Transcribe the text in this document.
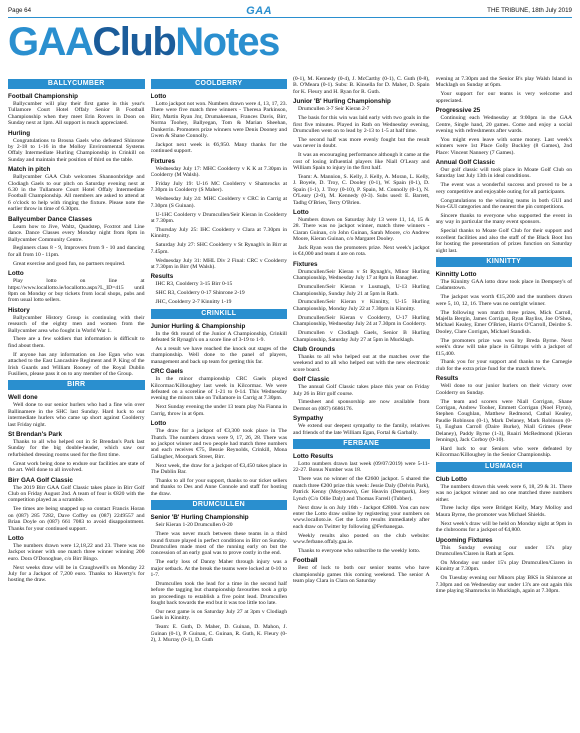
Page 64	GAA	THE TRIBUNE, 18th July 2019
GAA Club Notes
BALLYCUMBER
Football Championship

Ballycumber will play their first game in this year's Tullamore Court Hotel Offaly Senior B Football Championship when they meet Erin Rovers in Doon on Sunday next at 1pm. All support is much appreciated.

Hurling

Congratulations to Brosna Gaels who defeated Shinrone by 2-18 to 1-16 in the Molloy Environmental Systems Offaly Intermediate Hurling Championship in Crinkill on Sunday and maintain their position of third on the table.

Match in pitch

Ballycumber GAA Club welcomes Shannonbridge and Clodiagh Gaels to our pitch on Saturday evening next at 6.30 in the Tullamore Court Hotel Offaly Intermediate Football Championship. All members are asked to attend at 6 o'clock to help with ringing the fixture. Please note the earlier throw in time of 6.30pm.

Ballycumber Dance Classes

Learn how to Jive, Waltz, Quadstep, Foxtrot and Line dance. Dance Classes every Monday night from 8pm in Ballycumber Community Centre.

Beginners class 8 - 9, Improvers from 9 - 10 and dancing for all from 10 - 11pm.

Great exercise and good fun, no partners required.

Lotto

Play lotto on line at https://www.locallotto.ie/locallotto.aspx?L_ID=415 until 8pm on Monday or buy tickets from local shops, pubs and from usual lotto sellers.

History

Ballycumber History Group is continuing with their research of the eighty men and women from the Ballycumber area who fought in World War 1.

There are a few soldiers that information is difficult to find about them.

If anyone has any information on Joe Egan who was attached to the East Lancashire Regiment and P. King of the Irish Guards and William Rooney of the Royal Dublin Fusiliers, please pass it on to any member of the Group.

BIRR
Well done

Well done to our senior hurlers who had a fine win over Ballinamere in the SHC last Sunday. Hard luck to our intermediate hurlers who came up short against Coolderry last Friday night.

St Brendan's Park

Thanks to all who helped out in St Brendan's Park last Sunday for the big double-header, which saw our refurbished dressing rooms used for the first time.

Great work being done to endure our facilities are state of the art. Well done to all involved.

Birr GAA Golf Classic

The 2019 Birr GAA Golf Classic takes place in Birr Golf Club on Friday August 2nd. A team of four is €820 with the competition played as a scramble.

Tee times are being snapped up so contact Francis Horan on (087) 285 7282, Dave Coffey on (087) 2249557 and Brian Doyle on (087) 661 7083 to avoid disappointment. Thanks for your continued support.

Lotto

The numbers drawn were 12,18,22 and 23. There was no Jackpot winner with one match three winner winning 200 euro. Dora O'Donoghue, c/o Birr Bingo.

Next weeks draw will be in Craughwell's on Monday 22 July for a Jackpot of 7,200 euro. Thanks to Haverty's for hosting the draw.

COOLDERRY
Lotto

Lotto jackpot not won. Numbers drawn were 4, 13, 17, 23. There were five match three winners - Theresa Parkinson, Birr, Martin Ryan Jnr, Drumakeenan, Frances Davis, Birr, Norma Toohey, Ballyegan, Tom & Marian Sheehan, Dunkerrin. Promoters prize winners were Denis Dooney and Gwen & Shane Connolly.

Jackpot next week is €6,950. Many thanks for the continued support.

Fixtures

Wednesday July 17: MHC Coolderry v K K at 7.30pm in Coolderry (M Walsh).

Friday July 19: U-16 MC Coolderry v Shamrocks at 7.30pm in Coolderry (S Maher).

Wednesday July 24: MHC Coolderry v CRC in Carrig at 7.30pm (S Guinan).

U-1HC Coolderry v Drumcullen/Seir Kieran in Coolderry at 7.30pm.

Thursday July 25: IHC Coolderry v Clara at 7.30pm in Kinnitty.

Saturday July 27: SHC Coolderry v St Rynagh's in Birr at 7.45pm.

Wednesday July 31: MHL Div 2 Final: CRC v Coolderry at 7.30pm in Birr (M Walsh).

Results

IHC R3, Coolderry 3-15 Birr 0-15

SHC R3, Coolderry 0-17 Shinrone 2-19

JHC, Coolderry 2-7 Kinnitty 1-19

CRINKILL
Junior Hurling & Championship

In the 6th round of the Junior A Championship, Crinkill defeated St Rynagh's on a score line of 3-19 to 1-9.

As a result we have reached the knock out stages of the championship. Well done to the panel of players, management and back up team for getting this far.

CRC Gaels

In the minor championship CRC Gaels played Kilcormac/Killoughey last week in Kilcormac. We were defeated on a scoreline of 1-21 to 0-14. This Wednesday evening the minors take on Tullamore in Carrig at 7.30pm.

Next Sunday evening the under 13 team play Na Fianna in Carrig, throw in at 6pm.

Lotto

The draw for a jackpot of €3,300 took place in The Thatch. The numbers drawn were 9, 17, 26, 28. There was no jackpot winner and two people had match three numbers and each receives €75, Bessie Reynolds, Crinkill, Mona Gallagher, Moorpark Street, Birr.

Next week, the draw for a jackpot of €3,450 takes place in The Dublin Bar.

Thanks to all for your support, thanks to our ticket sellers and thanks to Des and Anne Connole and staff for hosting the draw.

DRUMCULLEN
Senior 'B' Hurling Championship

Seir Kieran 1-20 Drumcullen 0-20

There was never much between these teams in a third round fixture played in perfect conditions in Birr on Sunday. Drumcullen made most of the running early on but the concession of an early goal was to prove costly in the end.

The early loss of Danny Maher through injury was a major setback. At the break the teams were locked at 0-10 to 1-7.

Drumcullen took the lead for a time in the second half before the tagging but championship favourites took a grip on proceedings to establish a five point lead. Drumcullen fought back towards the end but it was too little too late.

Our next game is on Saturday July 27 at 3pm v Clodiagh Gaels in Kinnitty.

Team: E. Guth, D. Maher, D. Guinan, D. Mahon, J. Guinan (0-1), P. Guinan, C. Guinan, R. Guth, K. Fleury (0-2), J. Murray (0-1), D. Guth

(0-1), M. Kennedy (0-4), J. McCarthy (0-1), C. Guth (0-8), B. O'Meara (0-1). Subs: B. Kinsella for D. Maher, D. Spain for K. Fleury and H. Ryan for R. Guth.

Junior 'B' Hurling Championship

Drumcullen 3-7 Seir Kieran 2-7

The basis for this win was laid early with two goals in the first five minutes. Played in Rath on Wednesday evening, Drumcullen went on to lead by 2-13 to 1-5 at half time.

The second half was more evenly fought but the result was never in doubt.

It was an encouraging performance although it came at the cost of losing influential players like Niall O'Leary and William Spain to injury in the first half.

Team: A. Mannion, S. Kelly, J. Kelly, A. Moran, L. Kelly, J. Boyele, D. Troy, C. Dooley (0-1), W. Spain (0-1), D. Spain (1-1), J. Troy (0-10), P. Spain, M. Connolly (0-1), N. O'Leary (2-0), M. Kennedy (0-3). Subs used: E. Barrett, Tadhg O'Brien, Terry O'Brien.

Lotto

Numbers drawn on Saturday July 13 were 11, 14, 15 & 28. There was no jackpot winner, match three winners - Ciaran Guinan, c/o John Guinan, Sarah Moore, c/o Andrew Moore, Kieran Guinan, c/o Margaret Dooley.

Jack Ryan won the promoters prize. Next week's jackpot is €4,000 and team 4 are on rota.

Fixtures

Drumcullen/Seir Kieran v St Rynagh's, Minor Hurling Championship, Wednesday July 17 at 8pm in Banagher.

Drumcullen/Seir Kieran v Lusmagh, U-13 Hurling Championship, Sunday July 21 at 5pm in Rath.

Drumcullen/Seir Kieran v Kinnitty, U-15 Hurling Championship, Monday July 22 at 7.30pm in Kinnitty.

Drumcullen/Seir Kieran v Coolderry, U-17 Hurling Championship, Wednesday July 24 at 7.30pm in Coolderry.

Drumcullen v Clodiagh Gaels, Senior B Hurling Championship, Saturday July 27 at 5pm in Mucklagh.

Club Grounds

Thanks to all who helped out at the matches over the weekend and to all who helped out with the new electronic score board.

Golf Classic

The annual Golf Classic takes place this year on Friday July 26 in Birr golf course.

Timesheet and sponsorship are now available from Dermot on (087) 6686176.

Sympathy

We extend our deepest sympathy to the family, relatives and friends of the late William Egan, Fortal & Garbally.

FERBANE
Lotto Results

Lotto numbers drawn last week (09/07/2019) were 5-11-22-27. Bonus Number was 18.

There was no winner of the €2600 jackpot. 5 shared the match three €200 prize this week: Jessie Daly (Delvin Park), Patrick Kenny (Moystown), Ger Heavin (Deerpark), Joey Lynch (C/o Ollie Daly) and Thomas Farrell (Tubber).

Next draw is on July 16th - Jackpot €2800. You can now enter the Lotto draw online by registering your numbers on www.localloto.ie. Get the Lotto results immediately after each draw on Twitter by following @Ferbanegaa.

Weekly results also posted on the club website: www.ferbane.offaly.gaa.ie.

Thanks to everyone who subscribe to the weekly lotto.

Football

Best of luck to both our senior teams who have championship games this coming weekend. The senior A team play Clara in Clara on Saturday

evening at 7.30pm and the Senior B's play Walsh Island in Mucklagh on Sunday at 6pm.

Your support for our teams is very welcome and appreciated.

Progressive 25

Continuing each Wednesday at 9:00pm in the GAA Centre, Single hand, 20 games. Come and enjoy a social evening with refreshments after wards.

You might even leave with some money. Last week's winners were 1st Place Golly Buckley (8 Games), 2nd Place: Vincent Nannery (7 Games).

Annual Golf Classic

Our golf classic will took place in Moate Golf Club on Saturday last July 13th in ideal conditions.

The event was a wonderful success and proved to be a very competitive and enjoyable outing for all participants.

Congratulations to the winning teams in both GUI and Non-GUI categories and the nearest the pin competitions.

Sincere thanks to everyone who supported the event in any way in particular the many event sponsors.

Special thanks to Moate Golf Club for their support and excellent facilities and also the staff of the Black Boot Inn for hosting the presentation of prizes function on Saturday night last.

KINNITTY
Kinnitty Lotto

The Kinnitty GAA lotto draw took place in Dempsey's of Cadamstown.

The jackpot was worth €15,200 and the numbers drawn were 5, 10, 12, 16. There was no outright winner.

The following won match three prizes, Mick Carroll, Majella Bergin, James Corrigan, Ryan Bayliss, Joe O'Shea, Michael Kealey, Emer O'Brien, Harris O'Carroll, Deirdre S. Dooley, Clare Corrigan, Michael Standish.

The promoters prize was won by Breda Byrne. Next week's draw will take place in Giltraps with a jackpot of €15,400.

Thank you for your support and thanks to the Carnegie club for the extra prize fund for the match three's.

Results

Well done to our junior hurlers on their victory over Coolderry on Sunday.

The team and scorers were Niall Corrigan, Shane Corrigan, Andrew Tooher, Emmett Corrigan (Noel Flynn), Stephen Coughlan, Matthew Redmond, Cathal Kealey, Paudie Robinson (0-1), Mark Delaney, Mark Robinson (0-5), Eoghan Carroll (Daire Burke), Niall Grimes (Peter Delaney), Paddy Byrne (1-3), Ruairi McRedmond (Kieran Jennings), Jack Corboy (0-10).

Hard luck to our Seniors who were defeated by Kilcormac/Killoughey in the Senior Championship.

LUSMAGH
Club Lotto

The numbers drawn this week were 6, 18, 29 & 31. There was no jackpot winner and no one matched three numbers either.

Three lucky dips were Bridget Kelly, Mary Molloy and Maura Byrne, the promoter was Michael Shields.

Next week's draw will be held on Monday night at 9pm in the clubrooms for a jackpot of €4,800.

Upcoming Fixtures

This Sunday evening our under 13's play Drumcullen/Ciaren in Rath at 5pm.

On Monday our under 15's play Drumcullen/Ciaren in Kinnitty at 7.30pm.

On Tuesday evening our Minors play BKS in Shinrone at 7.30pm and on Wednesday our under 13's are out again this time playing Shamrocks in Mucklagh, again at 7.30pm.
